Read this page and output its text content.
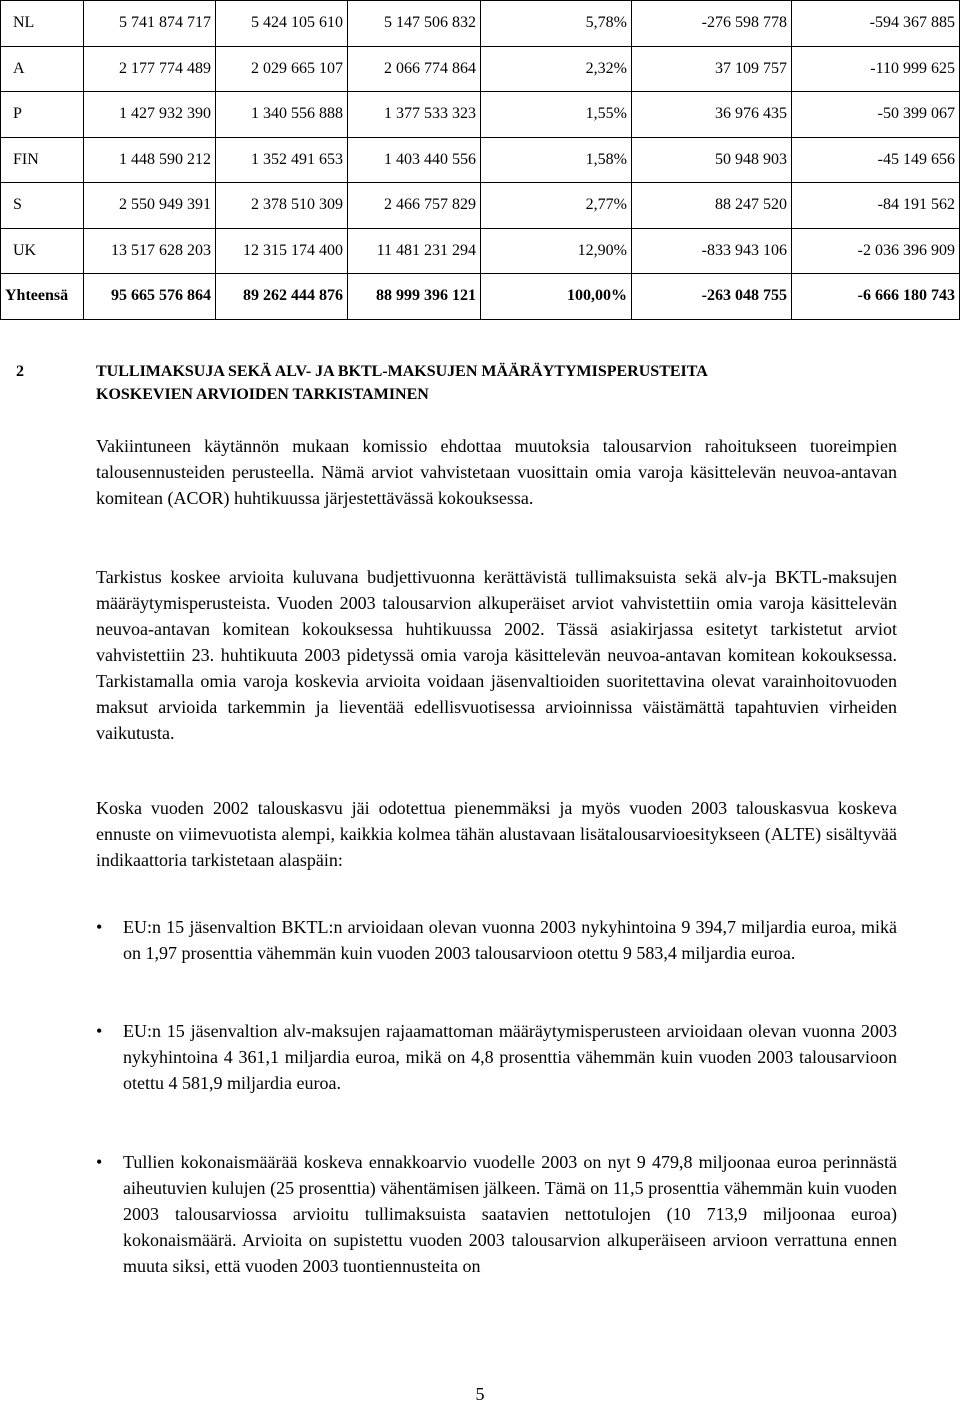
NL	5 741 874 717	5 424 105 610	5 147 506 832	5,78%	-276 598 778	-594 367 885
A	2 177 774 489	2 029 665 107	2 066 774 864	2,32%	37 109 757	-110 999 625
P	1 427 932 390	1 340 556 888	1 377 533 323	1,55%	36 976 435	-50 399 067
FIN	1 448 590 212	1 352 491 653	1 403 440 556	1,58%	50 948 903	-45 149 656
S	2 550 949 391	2 378 510 309	2 466 757 829	2,77%	88 247 520	-84 191 562
UK	13 517 628 203	12 315 174 400	11 481 231 294	12,90%	-833 943 106	-2 036 396 909
Yhteensä	95 665 576 864	89 262 444 876	88 999 396 121	100,00%	-263 048 755	-6 666 180 743
2	TULLIMAKSUJA SEKÄ ALV- JA BKTL-MAKSUJEN MÄÄRÄYTYMISPERUSTEITA
KOSKEVIEN ARVIOIDEN TARKISTAMINEN
Vakiintuneen käytännön mukaan komissio ehdottaa muutoksia talousarvion rahoitukseen tuoreimpien talousennusteiden perusteella. Nämä arviot vahvistetaan vuosittain omia varoja käsittelevän neuvoa-antavan komitean (ACOR) huhtikuussa järjestettävässä kokouksessa.
Tarkistus koskee arvioita kuluvana budjettivuonna kerättävistä tullimaksuista sekä alv-ja BKTL-maksujen määräytymisperusteista. Vuoden 2003 talousarvion alkuperäiset arviot vahvistettiin omia varoja käsittelevän neuvoa-antavan komitean kokouksessa huhtikuussa 2002. Tässä asiakirjassa esitetyt tarkistetut arviot vahvistettiin 23. huhtikuuta 2003 pidetyssä omia varoja käsittelevän neuvoa-antavan komitean kokouksessa. Tarkistamalla omia varoja koskevia arvioita voidaan jäsenvaltioiden suoritettavina olevat varainhoitovuoden maksut arvioida tarkemmin ja lieventää edellisvuotisessa arvioinnissa väistämättä tapahtuvien virheiden vaikutusta.
Koska vuoden 2002 talouskasvu jäi odotettua pienemmäksi ja myös vuoden 2003 talouskasvua koskeva ennuste on viimevuotista alempi, kaikkia kolmea tähän alustavaan lisätalousarvioesitykseen (ALTE) sisältyvää indikaattoria tarkistetaan alaspäin:
•	EU:n 15 jäsenvaltion BKTL:n arvioidaan olevan vuonna 2003 nykyhintoina 9 394,7 miljardia euroa, mikä on 1,97 prosenttia vähemmän kuin vuoden 2003 talousarvioon otettu 9 583,4 miljardia euroa.
•	EU:n 15 jäsenvaltion alv-maksujen rajaamattoman määräytymisperusteen arvioidaan olevan vuonna 2003 nykyhintoina 4 361,1 miljardia euroa, mikä on 4,8 prosenttia vähemmän kuin vuoden 2003 talousarvioon otettu 4 581,9 miljardia euroa.
•	Tullien kokonaismäärää koskeva ennakkoarvio vuodelle 2003 on nyt 9 479,8 miljoonaa euroa perinnästä aiheutuvien kulujen (25 prosenttia) vähentämisen jälkeen. Tämä on 11,5 prosenttia vähemmän kuin vuoden 2003 talousarviossa arvioitu tullimaksuista saatavien nettotulojen (10 713,9 miljoonaa euroa) kokonaismäärä. Arvioita on supistettu vuoden 2003 talousarvion alkuperäiseen arvioon verrattuna ennen muuta siksi, että vuoden 2003 tuontiennusteita on
5
